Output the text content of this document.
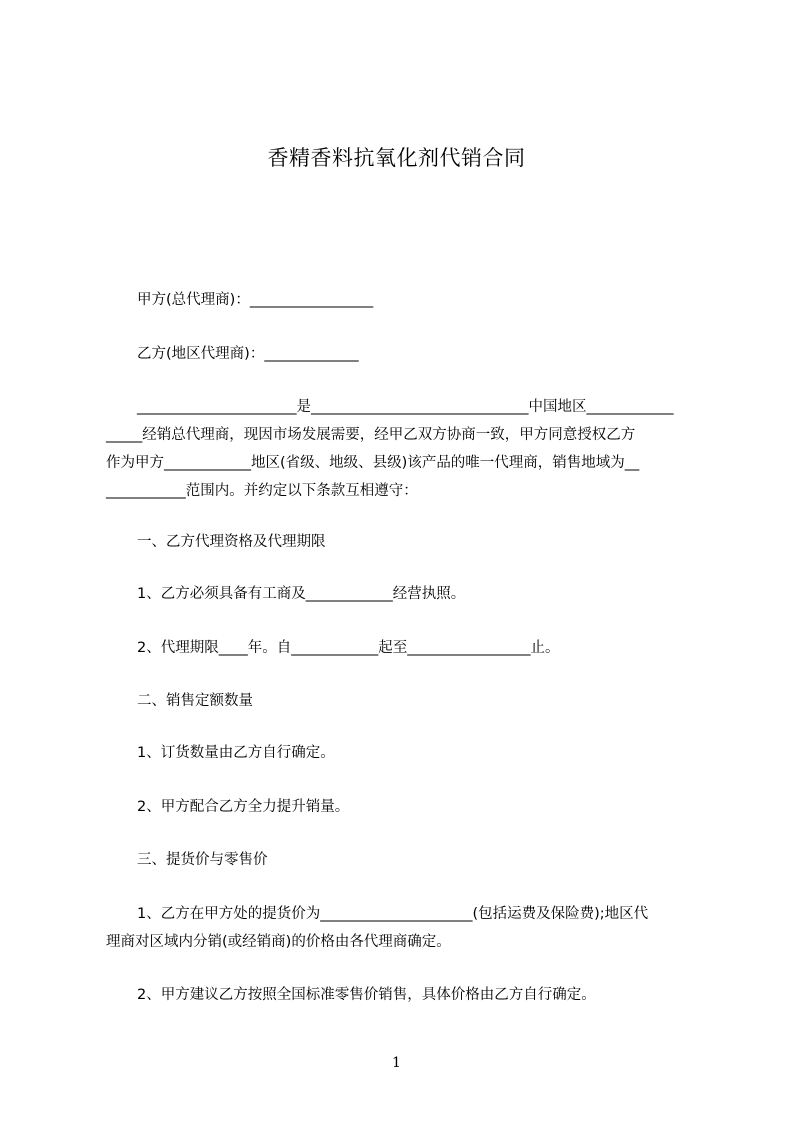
香精香料抗氧化剂代销合同
甲方(总代理商)：_________________
乙方(地区代理商)：_____________
______________________是______________________________中国地区____________
_____经销总代理商，现因市场发展需要，经甲乙双方协商一致，甲方同意授权乙方
作为甲方____________地区(省级、地级、县级)该产品的唯一代理商，销售地域为__
___________范围内。并约定以下条款互相遵守：
一、乙方代理资格及代理期限
1、乙方必须具备有工商及____________经营执照。
2、代理期限____年。自____________起至_________________止。
二、销售定额数量
1、订货数量由乙方自行确定。
2、甲方配合乙方全力提升销量。
三、提货价与零售价
1、乙方在甲方处的提货价为_____________________(包括运费及保险费);地区代
理商对区域内分销(或经销商)的价格由各代理商确定。
2、甲方建议乙方按照全国标准零售价销售，具体价格由乙方自行确定。
1
